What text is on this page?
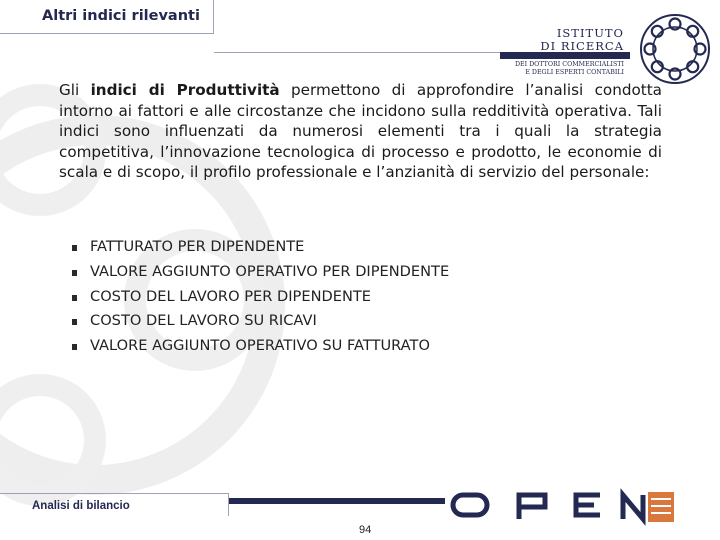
Altri indici rilevanti
ISTITUTO
DI RICERCA
DEI DOTTORI COMMERCIALISTI
E DEGLI ESPERTI CONTABILI

Gli indici di Produttività permettono di approfondire l’analisi condotta intorno ai fattori e alle circostanze che incidono sulla redditività operativa. Tali indici sono influenzati da numerosi elementi tra i quali la strategia competitiva, l’innovazione tecnologica di processo e prodotto, le economie di scala e di scopo, il profilo professionale e l’anzianità di servizio del personale:

FATTURATO PER DIPENDENTE
VALORE AGGIUNTO OPERATIVO PER DIPENDENTE
COSTO DEL LAVORO PER DIPENDENTE
COSTO DEL LAVORO SU RICAVI
VALORE AGGIUNTO OPERATIVO SU FATTURATO
Analisi di bilancio
94
